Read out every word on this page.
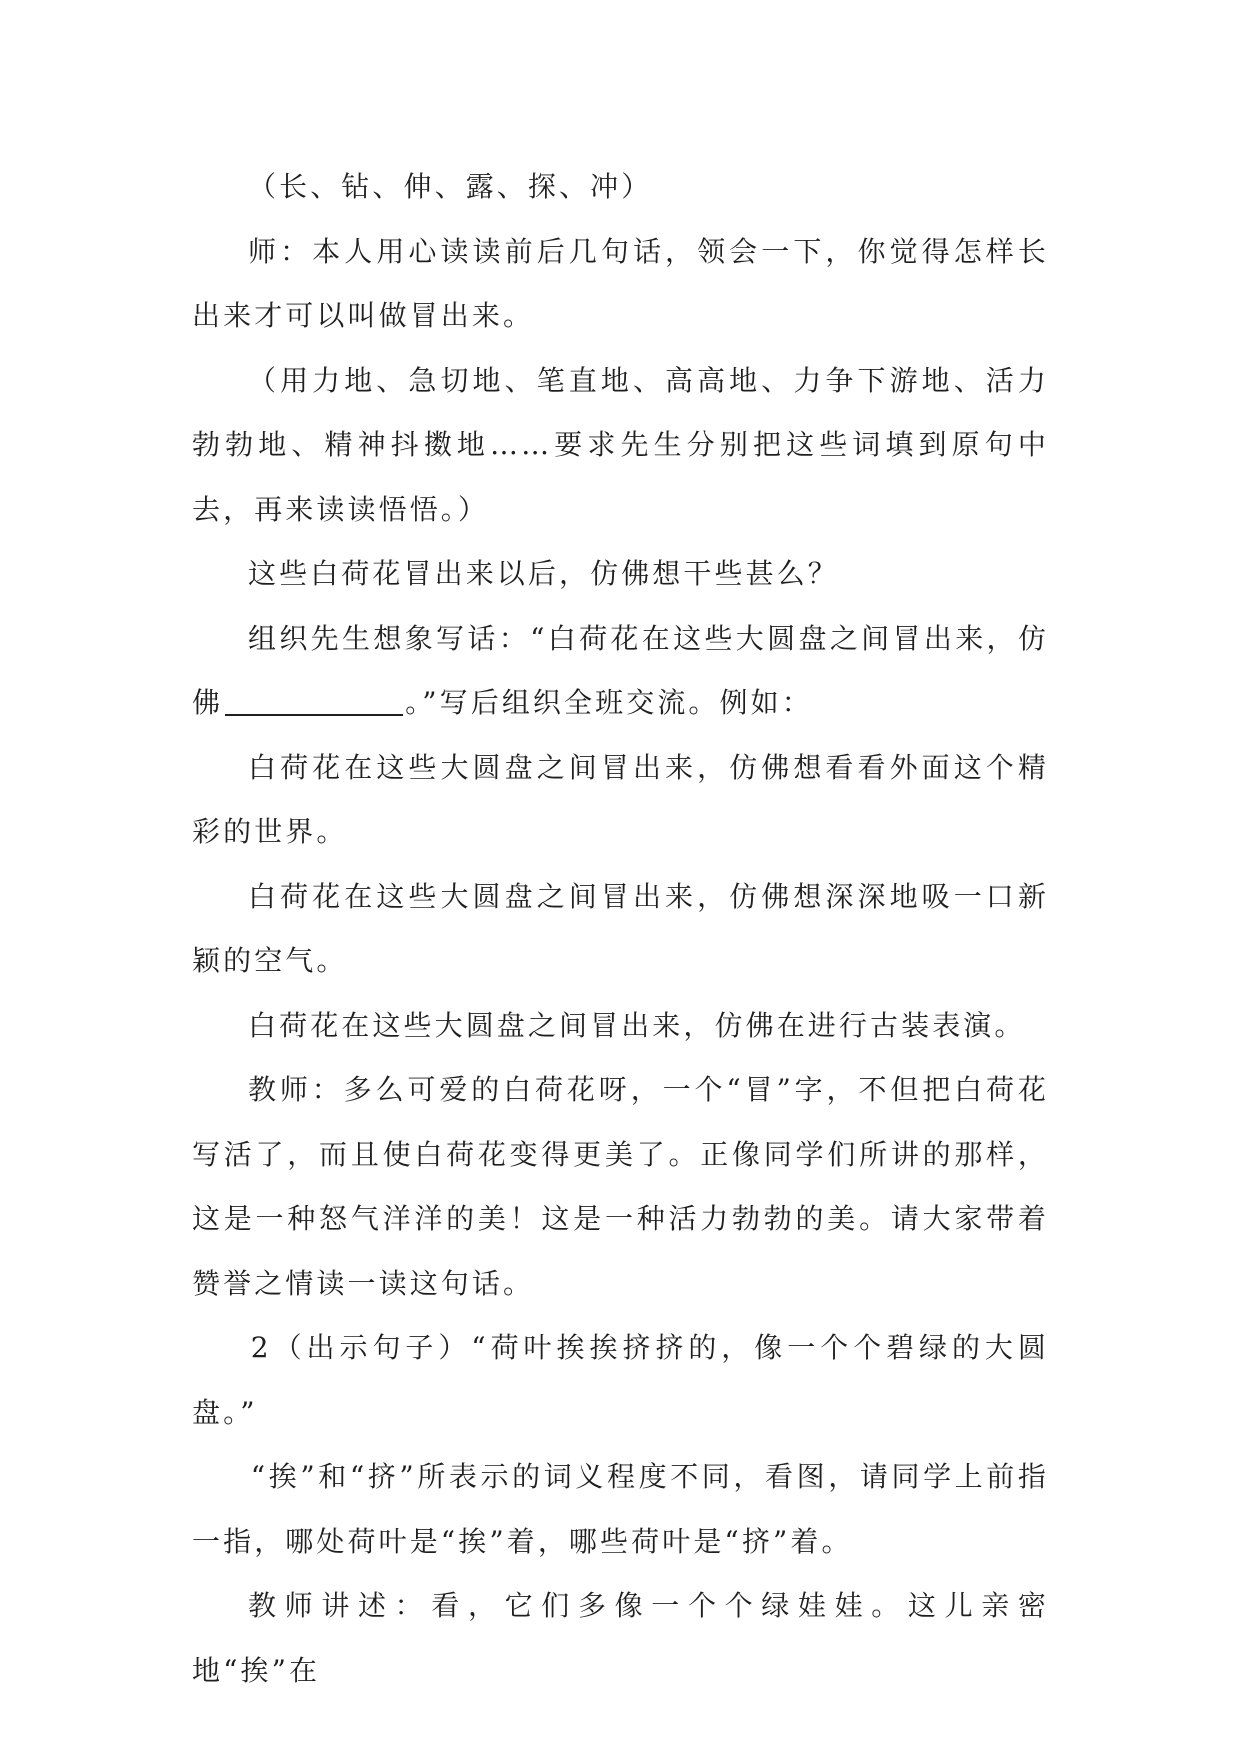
（长、钻、伸、露、探、冲）

师：本人用心读读前后几句话，领会一下，你觉得怎样长出来才可以叫做冒出来。

（用力地、急切地、笔直地、高高地、力争下游地、活力勃勃地、精神抖擞地……要求先生分别把这些词填到原句中去，再来读读悟悟。）

这些白荷花冒出来以后，仿佛想干些甚么？

组织先生想象写话：“白荷花在这些大圆盘之间冒出来，仿佛	。”写后组织全班交流。例如：

白荷花在这些大圆盘之间冒出来，仿佛想看看外面这个精彩的世界。

白荷花在这些大圆盘之间冒出来，仿佛想深深地吸一口新颖的空气。

白荷花在这些大圆盘之间冒出来，仿佛在进行古装表演。

教师：多么可爱的白荷花呀，一个“冒”字，不但把白荷花写活了，而且使白荷花变得更美了。正像同学们所讲的那样，这是一种怒气洋洋的美！这是一种活力勃勃的美。请大家带着赞誉之情读一读这句话。

2（出示句子）“荷叶挨挨挤挤的，像一个个碧绿的大圆盘。”

“挨”和“挤”所表示的词义程度不同，看图，请同学上前指一指，哪处荷叶是“挨”着，哪些荷叶是“挤”着。

教师讲述：看，它们多像一个个绿娃娃。这儿亲密地“挨”在
